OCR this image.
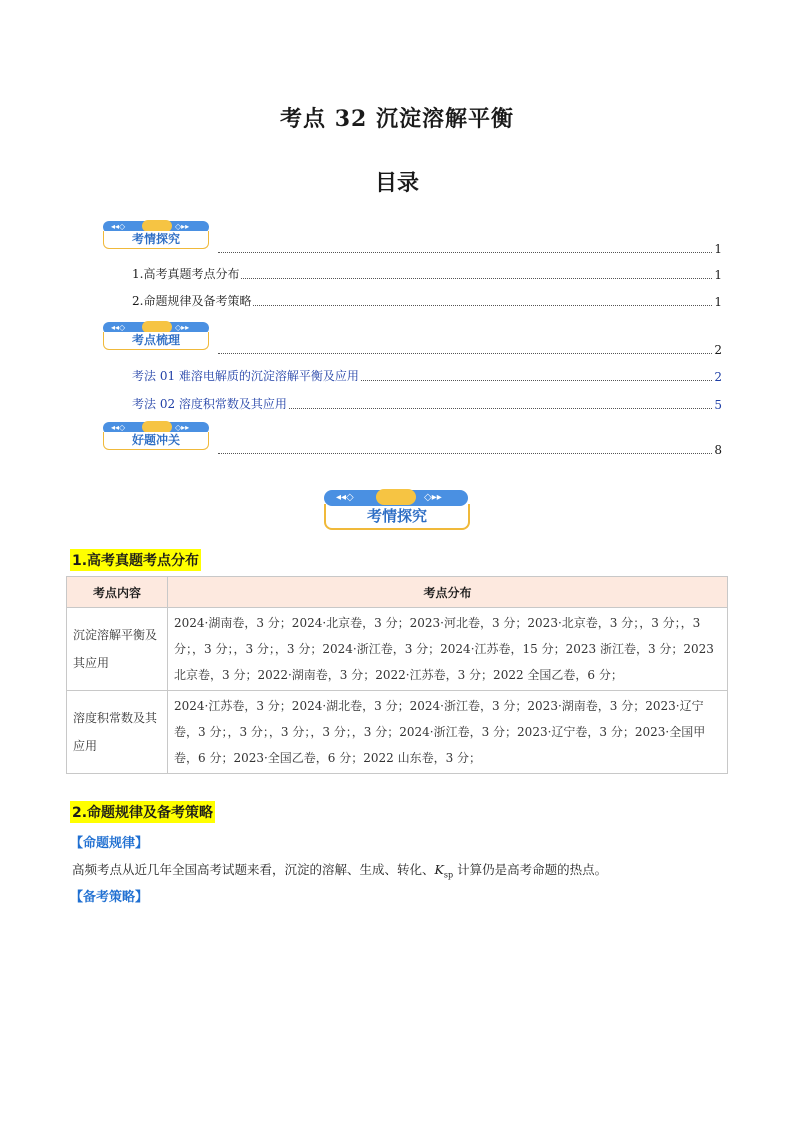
考点 32 沉淀溶解平衡
目录
◂◂◇	◇▸▸
考情探究
1
1.高考真题考点分布	1
2.命题规律及备考策略	1
◂◂◇	◇▸▸
考点梳理
2
考法 01 难溶电解质的沉淀溶解平衡及应用	2
考法 02 溶度积常数及其应用	5
◂◂◇	◇▸▸
好题冲关
8
◂◂◇	◇▸▸
考情探究
1.高考真题考点分布
考点内容	考点分布
沉淀溶解平衡及其应用	2024·湖南卷，3 分；2024·北京卷，3 分；2023·河北卷，3 分；2023·北京卷，3 分；，3 分；，3 分；，3 分；，3 分；，3 分；2024·浙江卷，3 分；2024·江苏卷，15 分；2023 浙江卷，3 分；2023 北京卷，3 分；2022·湖南卷，3 分；2022·江苏卷，3 分；2022 全国乙卷，6 分；
溶度积常数及其应用	2024·江苏卷，3 分；2024·湖北卷，3 分；2024·浙江卷，3 分；2023·湖南卷，3 分；2023·辽宁卷，3 分；，3 分；，3 分；，3 分；，3 分；2024·浙江卷，3 分；2023·辽宁卷，3 分；2023·全国甲卷，6 分；2023·全国乙卷，6 分；2022 山东卷，3 分；
2.命题规律及备考策略
【命题规律】
高频考点从近几年全国高考试题来看，沉淀的溶解、生成、转化、$K_{sp}$ 计算仍是高考命题的热点。
【备考策略】
